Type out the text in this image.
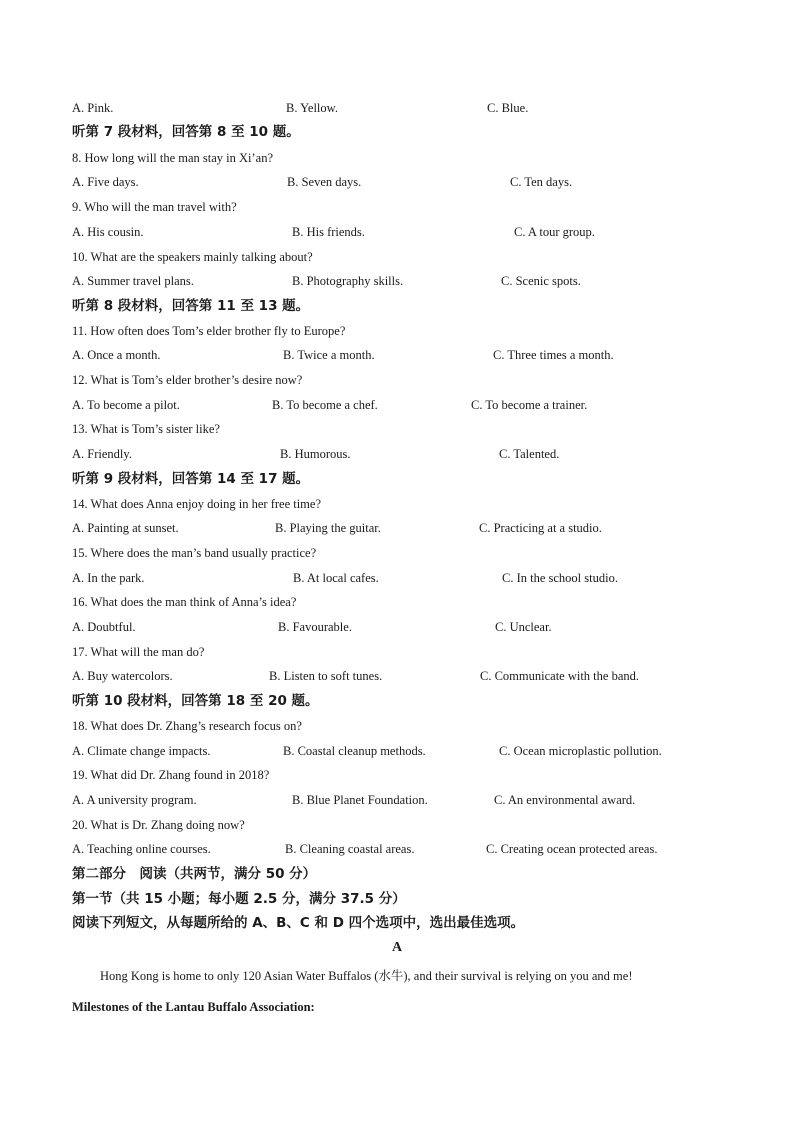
A. Pink.	B. Yellow.	C. Blue.
听第 7 段材料，回答第 8 至 10 题。
8. How long will the man stay in Xi’an?
A. Five days.	B. Seven days.	C. Ten days.
9. Who will the man travel with?
A. His cousin.	B. His friends.	C. A tour group.
10. What are the speakers mainly talking about?
A. Summer travel plans.	B. Photography skills.	C. Scenic spots.
听第 8 段材料，回答第 11 至 13 题。
11. How often does Tom’s elder brother fly to Europe?
A. Once a month.	B. Twice a month.	C. Three times a month.
12. What is Tom’s elder brother’s desire now?
A. To become a pilot.	B. To become a chef.	C. To become a trainer.
13. What is Tom’s sister like?
A. Friendly.	B. Humorous.	C. Talented.
听第 9 段材料，回答第 14 至 17 题。
14. What does Anna enjoy doing in her free time?
A. Painting at sunset.	B. Playing the guitar.	C. Practicing at a studio.
15. Where does the man’s band usually practice?
A. In the park.	B. At local cafes.	C. In the school studio.
16. What does the man think of Anna’s idea?
A. Doubtful.	B. Favourable.	C. Unclear.
17. What will the man do?
A. Buy watercolors.	B. Listen to soft tunes.	C. Communicate with the band.
听第 10 段材料，回答第 18 至 20 题。
18. What does Dr. Zhang’s research focus on?
A. Climate change impacts.	B. Coastal cleanup methods.	C. Ocean microplastic pollution.
19. What did Dr. Zhang found in 2018?
A. A university program.	B. Blue Planet Foundation.	C. An environmental award.
20. What is Dr. Zhang doing now?
A. Teaching online courses.	B. Cleaning coastal areas.	C. Creating ocean protected areas.
第二部分　阅读（共两节，满分 50 分）
第一节（共 15 小题；每小题 2.5 分，满分 37.5 分）
阅读下列短文，从每题所给的 A、B、C 和 D 四个选项中，选出最佳选项。
A
Hong Kong is home to only 120 Asian Water Buffalos (水牛), and their survival is relying on you and me!
Milestones of the Lantau Buffalo Association:
